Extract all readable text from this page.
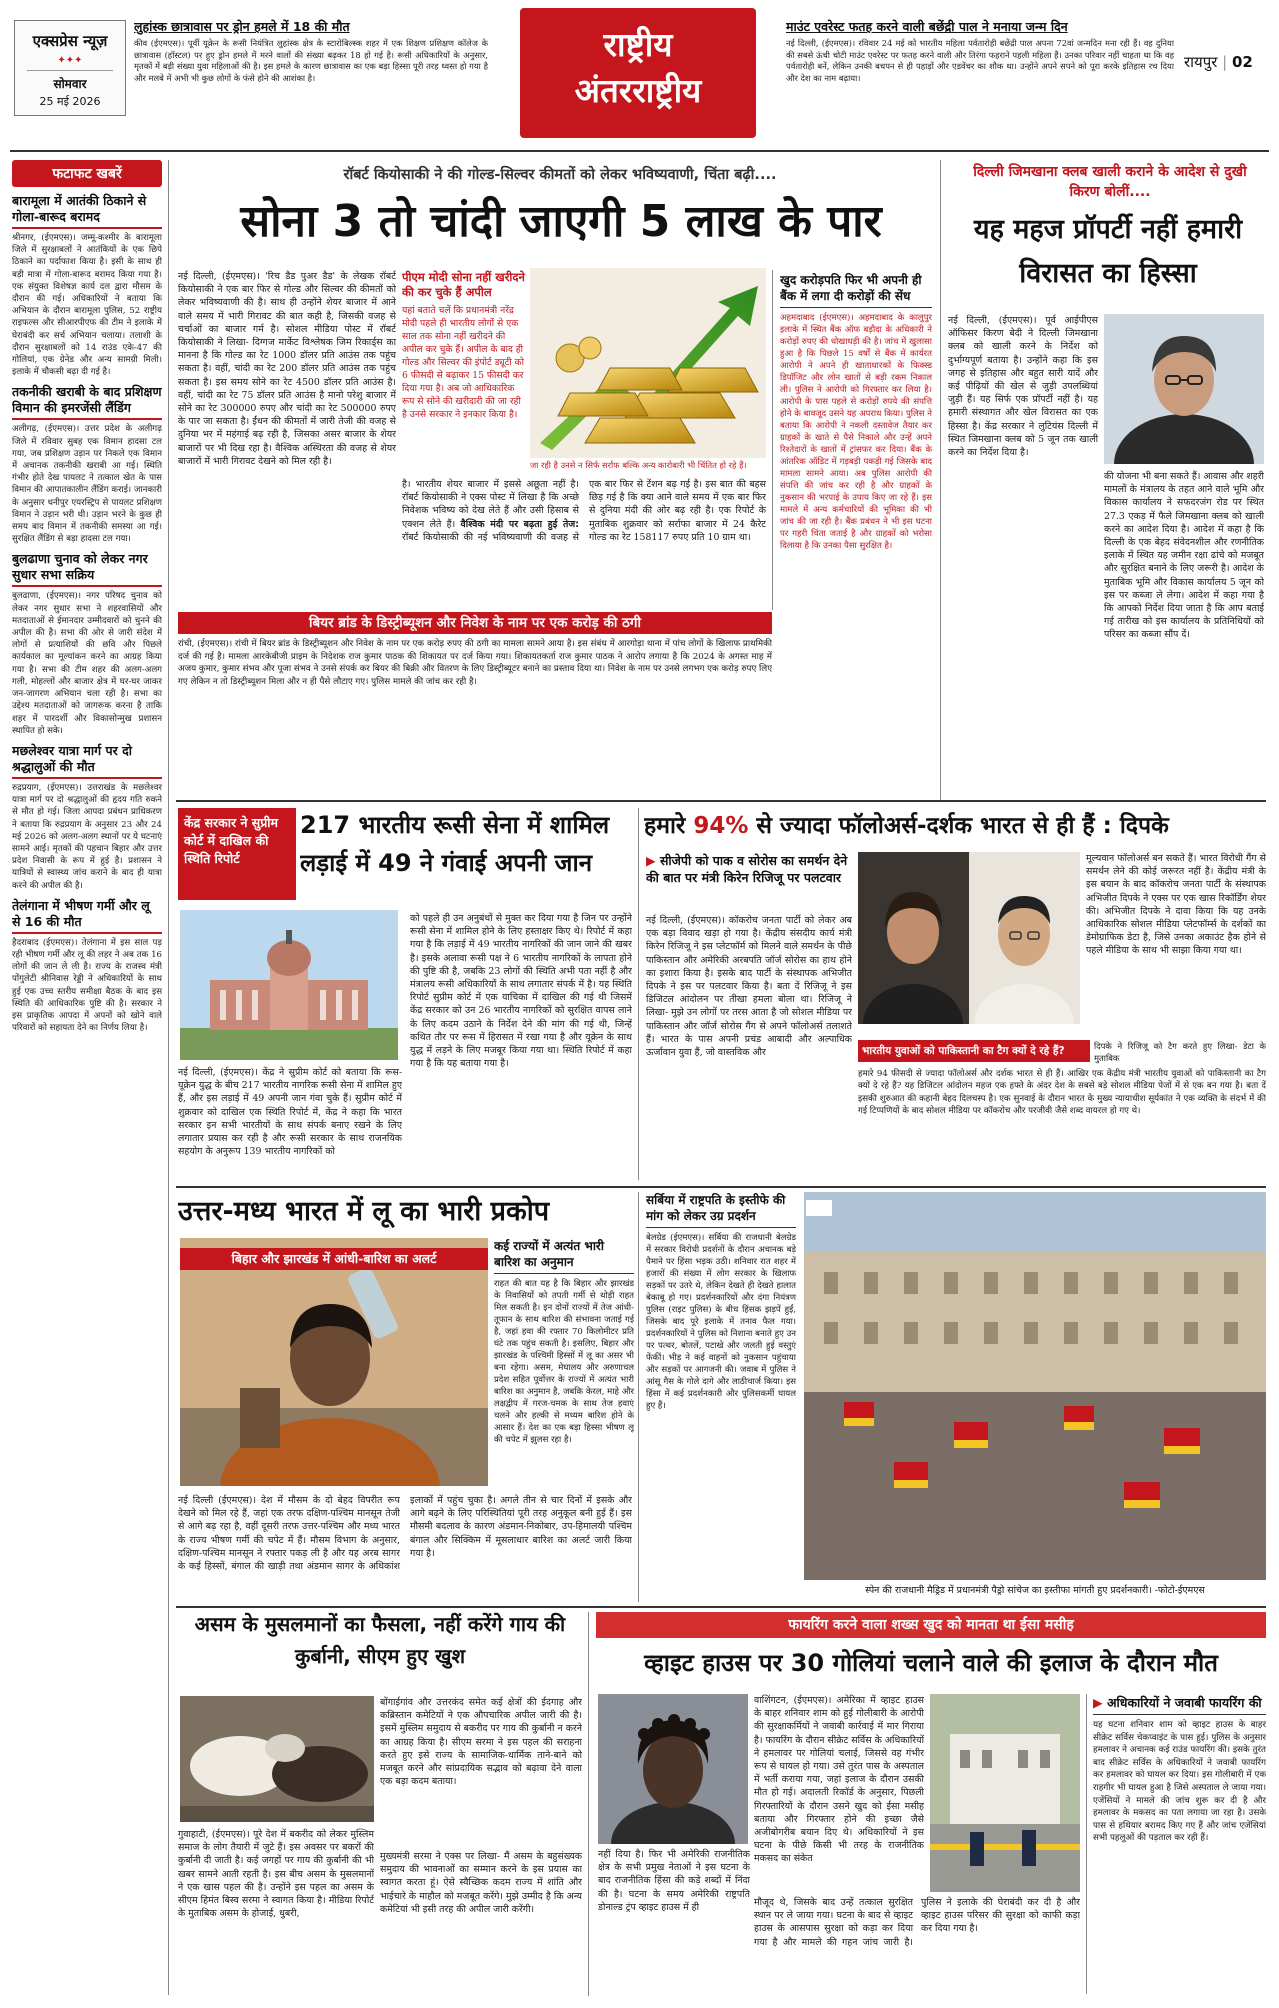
एक्सप्रेस न्यूज़
✦✦✦
सोमवार
25 मई 2026
लुहांस्क छात्रावास पर ड्रोन हमले में 18 की मौत
कीव (ईएमएस)। पूर्वी यूक्रेन के रूसी नियंत्रित लुहांस्क क्षेत्र के स्टारोबिल्स्क शहर में एक शिक्षण प्रशिक्षण कॉलेज के छात्रावास (हॉस्टल) पर हुए ड्रोन हमले में मरने वालों की संख्या बढ़कर 18 हो गई है। रूसी अधिकारियों के अनुसार, मृतकों में बड़ी संख्या युवा महिलाओं की है। इस हमले के कारण छात्रावास का एक बड़ा हिस्सा पूरी तरह ध्वस्त हो गया है और मलबे में अभी भी कुछ लोगों के फंसे होने की आशंका है।
राष्ट्रीय
अंतरराष्ट्रीय
माउंट एवरेस्ट फतह करने वाली बछेंद्री पाल ने मनाया जन्म दिन
नई दिल्ली, (ईएमएस)। रविवार 24 मई को भारतीय महिला पर्वतारोही बछेंद्री पाल अपना 72वां जन्मदिन मना रही हैं। वह दुनिया की सबसे ऊंची चोटी माउंट एवरेस्ट पर फतह करने वाली और तिरंगा फहराने पहली महिला हैं। उनका परिवार नहीं चाहता था कि वह पर्वतारोही बनें, लेकिन उनकी बचपन से ही पहाड़ों और एडवेंचर का शौक था। उन्होंने अपने सपने को पूरा करके इतिहास रच दिया और देश का नाम बढ़ाया।
रायपुर | 02
फटाफट खबरें
बारामूला में आतंकी ठिकाने से गोला-बारूद बरामद
श्रीनगर, (ईएमएस)। जम्मू-कश्मीर के बारामूला जिले में सुरक्षाबलों ने आतंकियों के एक छिपे ठिकाने का पर्दाफाश किया है। इसी के साथ ही बड़ी मात्रा में गोला-बारूद बरामद किया गया है। एक संयुक्त विशेषज्ञ कार्य दल द्वारा मौसम के दौरान की गई। अधिकारियों ने बताया कि अभियान के दौरान बारामूला पुलिस, 52 राष्ट्रीय राइफल्स और सीआरपीएफ की टीम ने इलाके में घेराबंदी कर सर्च अभियान चलाया। तलाशी के दौरान सुरक्षाबलों को 14 राउंड एके-47 की गोलियां, एक ग्रेनेड और अन्य सामग्री मिली। इलाके में चौकसी बढ़ा दी गई है।
तकनीकी खराबी के बाद प्रशिक्षण विमान की इमरजेंसी लैंडिंग
अलीगढ़, (ईएमएस)। उत्तर प्रदेश के अलीगढ़ जिले में रविवार सुबह एक विमान हादसा टल गया, जब प्रशिक्षण उड़ान पर निकले एक विमान में अचानक तकनीकी खराबी आ गई। स्थिति गंभीर होते देख पायलट ने तत्काल खेत के पास विमान की आपातकालीन लैंडिंग कराई। जानकारी के अनुसार धनीपुर एयरस्ट्रिप से पायलट प्रशिक्षण विमान ने उड़ान भरी थी। उड़ान भरने के कुछ ही समय बाद विमान में तकनीकी समस्या आ गई। सुरक्षित लैंडिंग से बड़ा हादसा टल गया।
बुलढाणा चुनाव को लेकर नगर सुधार सभा सक्रिय
बुलढाणा, (ईएमएस)। नगर परिषद चुनाव को लेकर नगर सुधार सभा ने शहरवासियों और मतदाताओं से ईमानदार उम्मीदवारों को चुनने की अपील की है। सभा की ओर से जारी संदेश में लोगों से प्रत्याशियों की छवि और पिछले कार्यकाल का मूल्यांकन करने का आग्रह किया गया है। सभा की टीम शहर की अलग-अलग गली, मोहल्लों और बाजार क्षेत्र में घर-घर जाकर जन-जागरण अभियान चला रही है। सभा का उद्देश्य मतदाताओं को जागरूक करना है ताकि शहर में पारदर्शी और विकासोन्मुख प्रशासन स्थापित हो सके।
मछलेश्वर यात्रा मार्ग पर दो श्रद्धालुओं की मौत
रुद्रप्रयाग, (ईएमएस)। उत्तराखंड के मछलेश्वर यात्रा मार्ग पर दो श्रद्धालुओं की हृदय गति रुकने से मौत हो गई। जिला आपदा प्रबंधन प्राधिकरण ने बताया कि रुद्रप्रयाग के अनुसार 23 और 24 मई 2026 को अलग-अलग स्थानों पर ये घटनाएं सामने आई। मृतकों की पहचान बिहार और उत्तर प्रदेश निवासी के रूप में हुई है। प्रशासन ने यात्रियों से स्वास्थ्य जांच कराने के बाद ही यात्रा करने की अपील की है।
तेलंगाना में भीषण गर्मी और लू से 16 की मौत
हैदराबाद (ईएमएस)। तेलंगाना में इस साल पड़ रही भीषण गर्मी और लू की लहर ने अब तक 16 लोगों की जान ले ली है। राज्य के राजस्व मंत्री पोंगुलेटी श्रीनिवास रेड्डी ने अधिकारियों के साथ हुई एक उच्च स्तरीय समीक्षा बैठक के बाद इस स्थिति की आधिकारिक पुष्टि की है। सरकार ने इस प्राकृतिक आपदा में अपनों को खोने वाले परिवारों को सहायता देने का निर्णय लिया है।
रॉबर्ट कियोसाकी ने की गोल्ड-सिल्वर कीमतों को लेकर भविष्यवाणी, चिंता बढ़ी....
सोना 3 तो चांदी जाएगी 5 लाख के पार
नई दिल्ली, (ईएमएस)। 'रिच डैड पुअर डैड' के लेखक रॉबर्ट कियोसाकी ने एक बार फिर से गोल्ड और सिल्वर की कीमतों को लेकर भविष्यवाणी की है। साथ ही उन्होंने शेयर बाजार में आने वाले समय में भारी गिरावट की बात कही है, जिसकी वजह से चर्चाओं का बाजार गर्म है। सोशल मीडिया पोस्ट में रॉबर्ट कियोसाकी ने लिखा- दिग्गज मार्केट विश्लेषक जिम रिकार्ड्स का मानना है कि गोल्ड का रेट 1000 डॉलर प्रति आउंस तक पहुंच सकता है। वहीं, चांदी का रेट 200 डॉलर प्रति आउंस तक पहुंच सकता है। इस समय सोने का रेट 4500 डॉलर प्रति आउंस है। वहीं, चांदी का रेट 75 डॉलर प्रति आउंस है मानो परेशु बाजार में सोने का रेट 300000 रुपए और चांदी का रेट 500000 रुपए के पार जा सकता है। ईंधन की कीमतों में जारी तेजी की वजह से दुनिया भर में महंगाई बढ़ रही है, जिसका असर बाजार के शेयर बाजारों पर भी दिख रहा है। वैश्विक अस्थिरता की वजह से शेयर बाजारों में भारी गिरावट देखने को मिल रही है।
पीएम मोदी सोना नहीं खरीदने की कर चुके हैं अपील
यहां बताते चलें कि प्रधानमंत्री नरेंद्र मोदी पहले ही भारतीय लोगों से एक साल तक सोना नहीं खरीदने की अपील कर चुके हैं। अपील के बाद ही गोल्ड और सिल्वर की इंपोर्ट ड्यूटी को 6 फीसदी से बढ़ाकर 15 फीसदी कर दिया गया है। अब जो आधिकारिक रूप से सोने की खरीदारी की जा रही है उनसे सरकार ने इनकार किया है।
जा रही है उनसे न सिर्फ सर्राफ बल्कि अन्य कारोबारी भी चिंतित हो रहे हैं।
है। भारतीय शेयर बाजार में इससे अछूता नहीं है। रॉबर्ट कियोसाकी ने एक्स पोस्ट में लिखा है कि अच्छे निवेशक भविष्य को देख लेते हैं और उसी हिसाब से एक्शन लेते हैं। वैश्विक मंदी पर बढ़ता हुई तेज: रॉबर्ट कियोसाकी की नई भविष्यवाणी की वजह से एक बार फिर से टेंशन बढ़ गई है। इस बात की बहस छिड़ गई है कि क्या आने वाले समय में एक बार फिर से दुनिया मंदी की ओर बढ़ रही है। एक रिपोर्ट के मुताबिक शुक्रवार को सर्राफा बाजार में 24 कैरेट गोल्ड का रेट 158117 रुपए प्रति 10 ग्राम था।
खुद करोड़पति फिर भी अपनी ही बैंक में लगा दी करोड़ों की सेंध
अहमदाबाद (ईएमएस)। अहमदाबाद के कालुपुर इलाके में स्थित बैंक ऑफ बड़ौदा के अधिकारी ने करोड़ों रुपए की धोखाधड़ी की है। जांच में खुलासा हुआ है कि पिछले 15 वर्षों से बैंक में कार्यरत आरोपी ने अपने ही खाताधारकों के फिक्स्ड डिपॉजिट और लोन खातों से बड़ी रकम निकाल ली। पुलिस ने आरोपी को गिरफ्तार कर लिया है। आरोपी के पास पहले से करोड़ों रुपये की संपत्ति होने के बावजूद उसने यह अपराध किया। पुलिस ने बताया कि आरोपी ने नकली दस्तावेज तैयार कर ग्राहकों के खाते से पैसे निकाले और उन्हें अपने रिश्तेदारों के खातों में ट्रांसफर कर दिया। बैंक के आंतरिक ऑडिट में गड़बड़ी पकड़ी गई जिसके बाद मामला सामने आया। अब पुलिस आरोपी की संपत्ति की जांच कर रही है और ग्राहकों के नुकसान की भरपाई के उपाय किए जा रहे हैं। इस मामले में अन्य कर्मचारियों की भूमिका की भी जांच की जा रही है। बैंक प्रबंधन ने भी इस घटना पर गहरी चिंता जताई है और ग्राहकों को भरोसा दिलाया है कि उनका पैसा सुरक्षित है।
दिल्ली जिमखाना क्लब खाली कराने के आदेश से दुखी किरण बोलीं....
यह महज प्रॉपर्टी नहीं हमारी विरासत का हिस्सा
नई दिल्ली, (ईएमएस)। पूर्व आईपीएस ऑफिसर किरण बेदी ने दिल्ली जिमखाना क्लब को खाली करने के निर्देश को दुर्भाग्यपूर्ण बताया है। उन्होंने कहा कि इस जगह से इतिहास और बहुत सारी यादें और कई पीढ़ियों की खेल से जुड़ी उपलब्धियां जुड़ी हैं। यह सिर्फ एक प्रॉपर्टी नहीं है। यह हमारी संस्थागत और खेल विरासत का एक हिस्सा है। केंद्र सरकार ने लुटियंस दिल्ली में स्थित जिमखाना क्लब को 5 जून तक खाली करने का निर्देश दिया है।
की योजना भी बना सकते हैं। आवास और शहरी मामलों के मंत्रालय के तहत आने वाले भूमि और विकास कार्यालय ने सफदरजंग रोड पर स्थित 27.3 एकड़ में फैले जिमखाना क्लब को खाली करने का आदेश दिया है। आदेश में कहा है कि दिल्ली के एक बेहद संवेदनशील और रणनीतिक इलाके में स्थित यह जमीन रक्षा ढांचे को मजबूत और सुरक्षित बनाने के लिए जरूरी है। आदेश के मुताबिक भूमि और विकास कार्यालय 5 जून को इस पर कब्जा ले लेगा। आदेश में कहा गया है कि आपको निर्देश दिया जाता है कि आप बताई गई तारीख को इस कार्यालय के प्रतिनिधियों को परिसर का कब्जा सौंप दें।
बियर ब्रांड के डिस्ट्रीब्यूशन और निवेश के नाम पर एक करोड़ की ठगी
रांची, (ईएमएस)। रांची में बियर ब्रांड के डिस्ट्रीब्यूशन और निवेश के नाम पर एक करोड़ रुपए की ठगी का मामला सामने आया है। इस संबंध में आरगोड़ा थाना में पांच लोगों के खिलाफ प्राथमिकी दर्ज की गई है। मामला आरकेबीजी प्राइम के निदेशक राज कुमार पाठक की शिकायत पर दर्ज किया गया। शिकायतकर्ता राज कुमार पाठक ने आरोप लगाया है कि 2024 के अगस्त माह में अजय कुमार, कुमार संभव और पूजा संभव ने उनसे संपर्क कर बियर की बिक्री और वितरण के लिए डिस्ट्रीब्यूटर बनाने का प्रस्ताव दिया था। निवेश के नाम पर उनसे लगभग एक करोड़ रुपए लिए गए लेकिन न तो डिस्ट्रीब्यूशन मिला और न ही पैसे लौटाए गए। पुलिस मामले की जांच कर रही है।
केंद्र सरकार ने सुप्रीम कोर्ट में दाखिल की स्थिति रिपोर्ट
217 भारतीय रूसी सेना में शामिल लड़ाई में 49 ने गंवाई अपनी जान
नई दिल्ली, (ईएमएस)। केंद्र ने सुप्रीम कोर्ट को बताया कि रूस-यूक्रेन युद्ध के बीच 217 भारतीय नागरिक रूसी सेना में शामिल हुए हैं, और इस लड़ाई में 49 अपनी जान गंवा चुके हैं। सुप्रीम कोर्ट में शुक्रवार को दाखिल एक स्थिति रिपोर्ट में, केंद्र ने कहा कि भारत सरकार इन सभी भारतीयों के साथ संपर्क बनाए रखने के लिए लगातार प्रयास कर रही है और रूसी सरकार के साथ राजनयिक सहयोग के अनुरूप 139 भारतीय नागरिकों को
को पहले ही उन अनुबंधों से मुक्त कर दिया गया है जिन पर उन्होंने रूसी सेना में शामिल होने के लिए हस्ताक्षर किए थे। रिपोर्ट में कहा गया है कि लड़ाई में 49 भारतीय नागरिकों की जान जाने की खबर है। इसके अलावा रूसी पक्ष ने 6 भारतीय नागरिकों के लापता होने की पुष्टि की है, जबकि 23 लोगों की स्थिति अभी पता नहीं है और मंत्रालय रूसी अधिकारियों के साथ लगातार संपर्क में है। यह स्थिति रिपोर्ट सुप्रीम कोर्ट में एक याचिका में दाखिल की गई थी जिसमें केंद्र सरकार को उन 26 भारतीय नागरिकों को सुरक्षित वापस लाने के लिए कदम उठाने के निर्देश देने की मांग की गई थी, जिन्हें कथित तौर पर रूस में हिरासत में रखा गया है और यूक्रेन के साथ युद्ध में लड़ने के लिए मजबूर किया गया था। स्थिति रिपोर्ट में कहा गया है कि यह बताया गया है।
हमारे 94% से ज्यादा फॉलोअर्स-दर्शक भारत से ही हैं : दिपके
▶ सीजेपी को पाक व सोरोस का समर्थन देने की बात पर मंत्री किरेन रिजिजू पर पलटवार
नई दिल्ली, (ईएमएस)। कॉकरोच जनता पार्टी को लेकर अब एक बड़ा विवाद खड़ा हो गया है। केंद्रीय संसदीय कार्य मंत्री किरेन रिजिजू ने इस प्लेटफॉर्म को मिलने वाले समर्थन के पीछे पाकिस्तान और अमेरिकी अरबपति जॉर्ज सोरोस का हाथ होने का इशारा किया है। इसके बाद पार्टी के संस्थापक अभिजीत दिपके ने इस पर पलटवार किया है। बता दें रिजिजू ने इस डिजिटल आंदोलन पर तीखा हमला बोला था। रिजिजू ने लिखा- मुझे उन लोगों पर तरस आता है जो सोशल मीडिया पर पाकिस्तान और जॉर्ज सोरोस गैंग से अपने फॉलोअर्स तलाशते हैं। भारत के पास अपनी प्रचंड आबादी और अल्पाधिक ऊर्जावान युवा हैं, जो वास्तविक और
मूल्यवान फॉलोअर्स बन सकते हैं। भारत विरोधी गैंग से समर्थन लेने की कोई जरूरत नहीं है। केंद्रीय मंत्री के इस बयान के बाद कॉकरोच जनता पार्टी के संस्थापक अभिजीत दिपके ने एक्स पर एक खास रिकॉर्डिंग शेयर की। अभिजीत दिपके ने दावा किया कि यह उनके आधिकारिक सोशल मीडिया प्लेटफॉर्म्स के दर्शकों का डेमोग्राफिक डेटा है, जिसे उनका अकाउंट हैक होने से पहले मीडिया के साथ भी साझा किया गया था।
भारतीय युवाओं को पाकिस्तानी का टैग क्यों दे रहे हैं?	दिपके ने रिजिजू को टैग करते हुए लिखा- डेटा के मुताबिक
हमारे 94 फीसदी से ज्यादा फॉलोअर्स और दर्शक भारत से ही हैं। आखिर एक केंद्रीय मंत्री भारतीय युवाओं को पाकिस्तानी का टैग क्यों दे रहे हैं? यह डिजिटल आंदोलन महज एक हफ्ते के अंदर देश के सबसे बड़े सोशल मीडिया पेजों में से एक बन गया है। बता दें इसकी शुरुआत की कहानी बेहद दिलचस्प है। एक सुनवाई के दौरान भारत के मुख्य न्यायाधीश सूर्यकांत ने एक व्यक्ति के संदर्भ में की गई टिप्पणियों के बाद सोशल मीडिया पर कॉकरोच और परजीवी जैसे शब्द वायरल हो गए थे।
उत्तर-मध्य भारत में लू का भारी प्रकोप
बिहार और झारखंड में आंधी-बारिश का अलर्ट
नई दिल्ली (ईएमएस)। देश में मौसम के दो बेहद विपरीत रूप देखने को मिल रहे हैं, जहां एक तरफ दक्षिण-पश्चिम मानसून तेजी से आगे बढ़ रहा है, वहीं दूसरी तरफ उत्तर-पश्चिम और मध्य भारत के राज्य भीषण गर्मी की चपेट में हैं। मौसम विभाग के अनुसार, दक्षिण-पश्चिम मानसून ने रफ्तार पकड़ ली है और यह अरब सागर के कई हिस्सों, बंगाल की खाड़ी तथा अंडमान सागर के अधिकांश इलाकों में पहुंच चुका है। अगले तीन से चार दिनों में इसके और आगे बढ़ने के लिए परिस्थितियां पूरी तरह अनुकूल बनी हुई हैं। इस मौसमी बदलाव के कारण अंडमान-निकोबार, उप-हिमालयी पश्चिम बंगाल और सिक्किम में मूसलाधार बारिश का अलर्ट जारी किया गया है।
कई राज्यों में अत्यंत भारी बारिश का अनुमान
राहत की बात यह है कि बिहार और झारखंड के निवासियों को तपती गर्मी से थोड़ी राहत मिल सकती है। इन दोनों राज्यों में तेज आंधी-तूफान के साथ बारिश की संभावना जताई गई है, जहां हवा की रफ्तार 70 किलोमीटर प्रति घंटे तक पहुंच सकती है। इसलिए, बिहार और झारखंड के पश्चिमी हिस्सों में लू का असर भी बना रहेगा। असम, मेघालय और अरुणाचल प्रदेश सहित पूर्वोत्तर के राज्यों में अत्यंत भारी बारिश का अनुमान है, जबकि केरल, माहे और लक्षद्वीप में गरज-चमक के साथ तेज हवाएं चलने और हल्की से मध्यम बारिश होने के आसार हैं। देश का एक बड़ा हिस्सा भीषण लू की चपेट में झुलस रहा है।
सर्बिया में राष्ट्रपति के इस्तीफे की मांग को लेकर उग्र प्रदर्शन
बेलग्रेड (ईएमएस)। सर्बिया की राजधानी बेलग्रेड में सरकार विरोधी प्रदर्शनों के दौरान अचानक बड़े पैमाने पर हिंसा भड़क उठी। शनिवार रात शहर में हजारों की संख्या में लोग सरकार के खिलाफ सड़कों पर उतरे थे, लेकिन देखते ही देखते हालात बेकाबू हो गए। प्रदर्शनकारियों और दंगा नियंत्रण पुलिस (राइट पुलिस) के बीच हिंसक झड़पें हुईं, जिसके बाद पूरे इलाके में तनाव फैल गया। प्रदर्शनकारियों ने पुलिस को निशाना बनाते हुए उन पर पत्थर, बोतलें, पटाखे और जलती हुई वस्तुएं फेंकीं। भीड़ ने कई वाहनों को नुकसान पहुंचाया और सड़कों पर आगजनी की। जवाब में पुलिस ने आंसू गैस के गोले दागे और लाठीचार्ज किया। इस हिंसा में कई प्रदर्शनकारी और पुलिसकर्मी घायल हुए हैं।
स्पेन की राजधानी मैड्रिड में प्रधानमंत्री पैड्रो सांचेज का इस्तीफा मांगती हुए प्रदर्शनकारी। -फोटो-ईएमएस
असम के मुसलमानों का फैसला, नहीं करेंगे गाय की कुर्बानी, सीएम हुए खुश
गुवाहाटी, (ईएमएस)। पूरे देश में बकरीद को लेकर मुस्लिम समाज के लोग तैयारी में जुटे हैं। इस अवसर पर बकरों की कुर्बानी दी जाती है। कई जगहों पर गाय की कुर्बानी की भी खबर सामने आती रहती है। इस बीच असम के मुसलमानों ने एक खास पहल की है। उन्होंने इस पहल का असम के सीएम हिमंत बिस्व सरमा ने स्वागत किया है। मीडिया रिपोर्ट के मुताबिक असम के होजाई, धुबरी,
बोंगाईगांव और उत्तरकंद समेत कई क्षेत्रों की ईदगाह और कब्रिस्तान कमेटियों ने एक औपचारिक अपील जारी की है। इसमें मुस्लिम समुदाय से बकरीद पर गाय की कुर्बानी न करने का आग्रह किया है। सीएम सरमा ने इस पहल की सराहना करते हुए इसे राज्य के सामाजिक-धार्मिक ताने-बाने को मजबूत करने और सांप्रदायिक सद्भाव को बढ़ावा देने वाला एक बड़ा कदम बताया।
मुख्यमंत्री सरमा ने एक्स पर लिखा- मैं असम के बहुसंख्यक समुदाय की भावनाओं का सम्मान करने के इस प्रयास का स्वागत करता हूं। ऐसे स्वैच्छिक कदम राज्य में शांति और भाईचारे के माहौल को मजबूत करेंगे। मुझे उम्मीद है कि अन्य कमेटियां भी इसी तरह की अपील जारी करेंगी।
फायरिंग करने वाला शख्स खुद को मानता था ईसा मसीह
व्हाइट हाउस पर 30 गोलियां चलाने वाले की इलाज के दौरान मौत
वाशिंगटन, (ईएमएस)। अमेरिका में व्हाइट हाउस के बाहर शनिवार शाम को हुई गोलीबारी के आरोपी की सुरक्षाकर्मियों ने जवाबी कार्रवाई में मार गिराया है। फायरिंग के दौरान सीक्रेट सर्विस के अधिकारियों ने हमलावर पर गोलियां चलाई, जिससे वह गंभीर रूप से घायल हो गया। उसे तुरंत पास के अस्पताल में भर्ती कराया गया, जहां इलाज के दौरान उसकी मौत हो गई। अदालती रिकॉर्ड के अनुसार, पिछली गिरफ्तारियों के दौरान उसने खुद को ईसा मसीह बताया और गिरफ्तार होने की इच्छा जैसे अजीबोगरीब बयान दिए थे। अधिकारियों ने इस घटना के पीछे किसी भी तरह के राजनीतिक मकसद का संकेत
नहीं दिया है। फिर भी अमेरिकी राजनीतिक क्षेत्र के सभी प्रमुख नेताओं ने इस घटना के बाद राजनीतिक हिंसा की कड़े शब्दों में निंदा की है। घटना के समय अमेरिकी राष्ट्रपति डोनाल्ड ट्रंप व्हाइट हाउस में ही	मौजूद थे, जिसके बाद उन्हें तत्काल सुरक्षित स्थान पर ले जाया गया। घटना के बाद से व्हाइट हाउस के आसपास सुरक्षा को कड़ा कर दिया गया है और मामले की गहन जांच जारी है। पुलिस ने इलाके की घेराबंदी कर दी है और व्हाइट हाउस परिसर की सुरक्षा को काफी कड़ा कर दिया गया है।
▶ अधिकारियों ने जवाबी फायरिंग की
यह घटना शनिवार शाम को व्हाइट हाउस के बाहर सीक्रेट सर्विस चेकप्वाइंट के पास हुई। पुलिस के अनुसार हमलावर ने अचानक कई राउंड फायरिंग की। इसके तुरंत बाद सीक्रेट सर्विस के अधिकारियों ने जवाबी फायरिंग कर हमलावर को घायल कर दिया। इस गोलीबारी में एक राहगीर भी घायल हुआ है जिसे अस्पताल ले जाया गया। एजेंसियों ने मामले की जांच शुरू कर दी है और हमलावर के मकसद का पता लगाया जा रहा है। उसके पास से हथियार बरामद किए गए हैं और जांच एजेंसियां सभी पहलुओं की पड़ताल कर रही हैं।
